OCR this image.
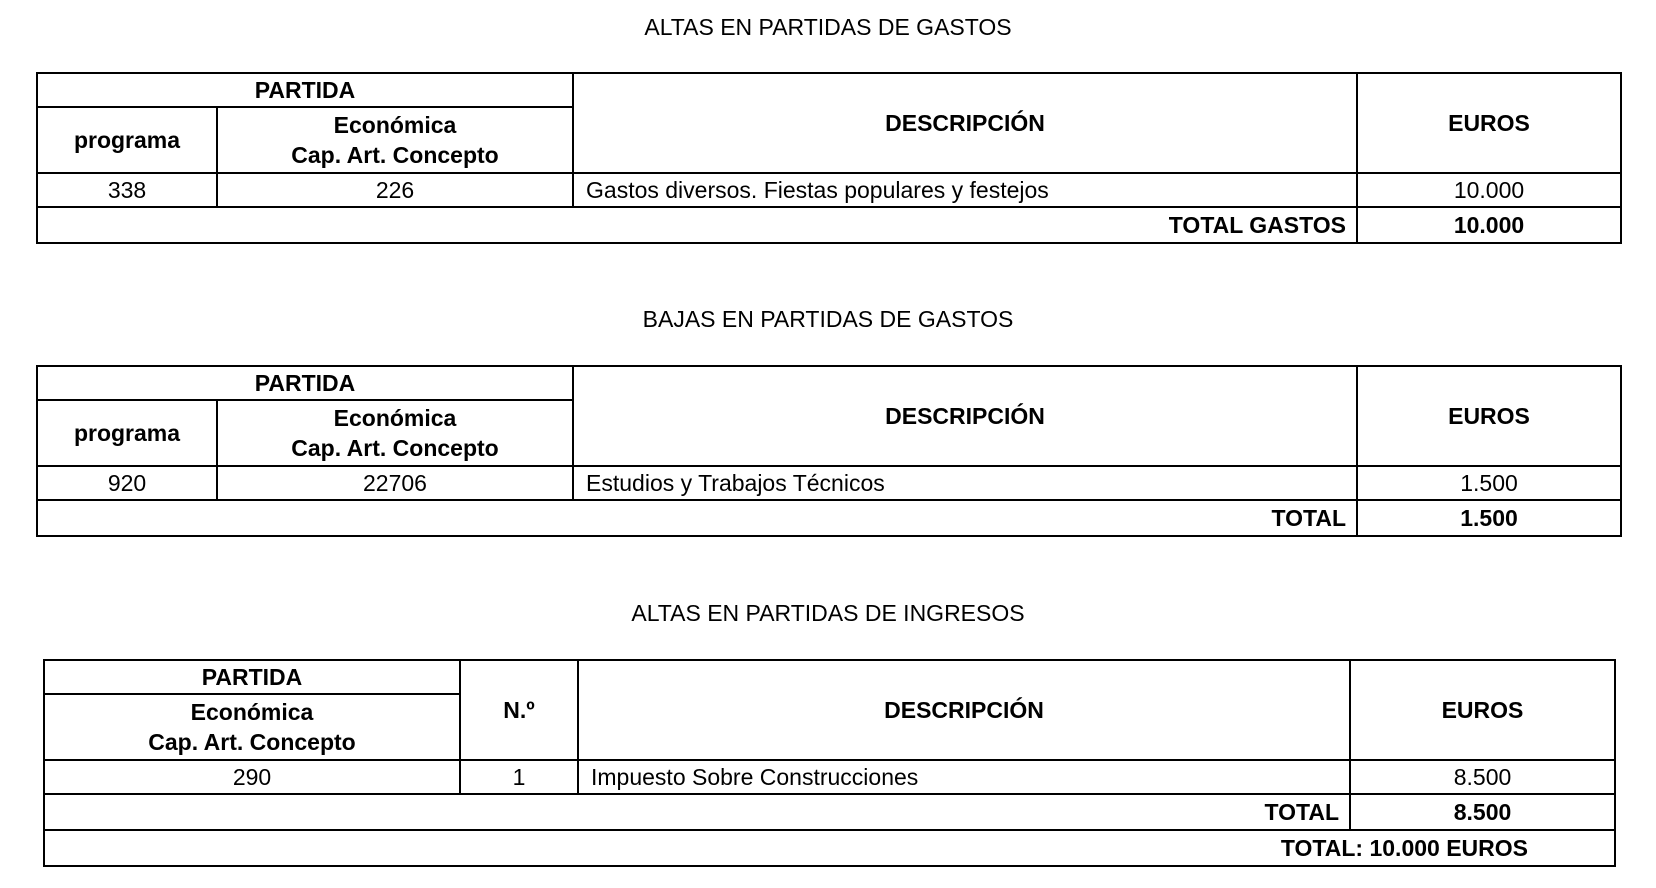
ALTAS EN PARTIDAS DE GASTOS
PARTIDA		DESCRIPCIÓN	EUROS
programa	Económica
Cap. Art. Concepto		

338	226	Gastos diversos. Fiestas populares y festejos	10.000
TOTAL GASTOS			10.000
BAJAS EN PARTIDAS DE GASTOS
PARTIDA		DESCRIPCIÓN	EUROS
programa	Económica
Cap. Art. Concepto		

920	22706	Estudios y Trabajos Técnicos	1.500
TOTAL			1.500
ALTAS EN PARTIDAS DE INGRESOS
PARTIDA	N.º	DESCRIPCIÓN	EUROS

Económica
Cap. Art. Concepto			

290	1	Impuesto Sobre Construcciones	8.500
TOTAL			8.500
TOTAL: 10.000 EUROS			
